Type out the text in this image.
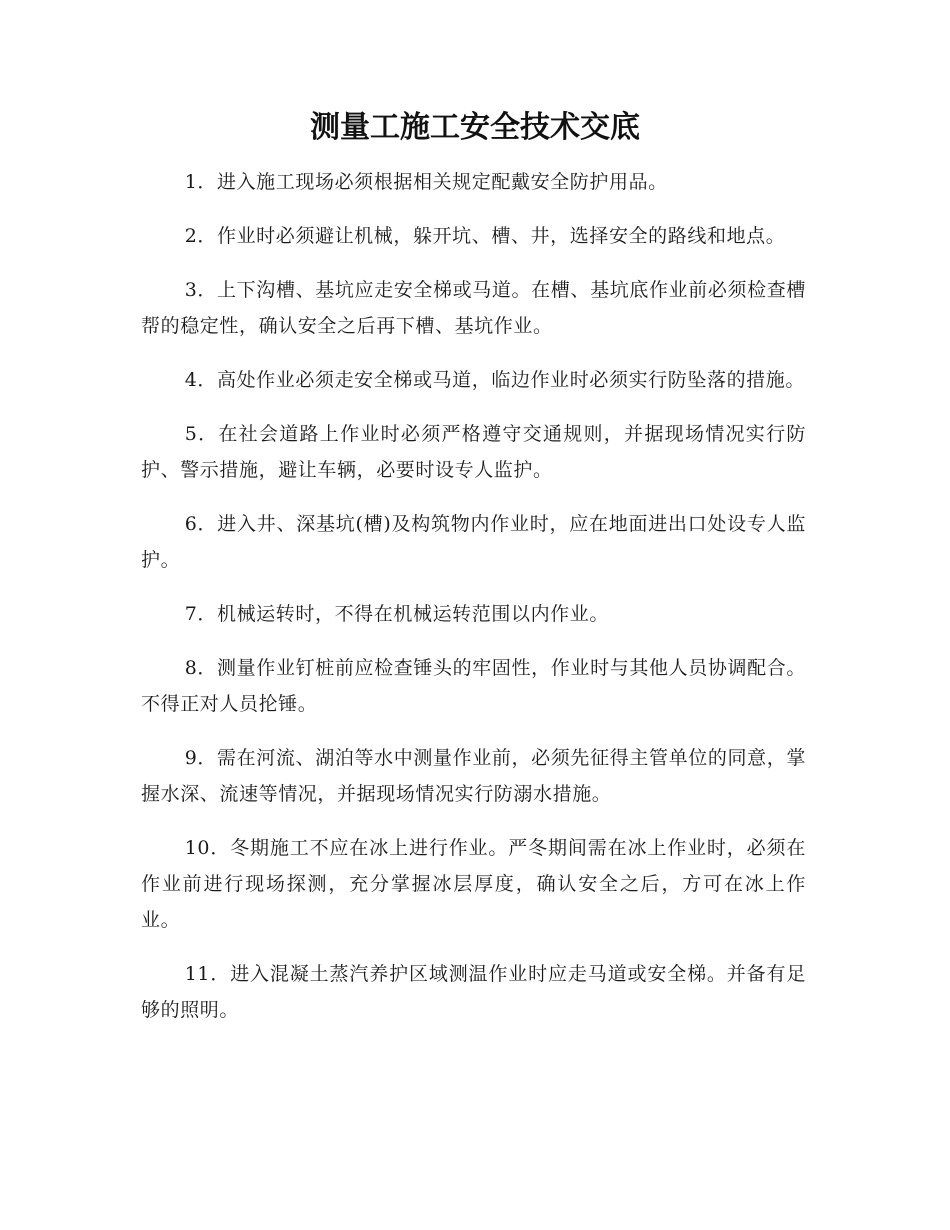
测量工施工安全技术交底

1．进入施工现场必须根据相关规定配戴安全防护用品。

2．作业时必须避让机械，躲开坑、槽、井，选择安全的路线和地点。

3．上下沟槽、基坑应走安全梯或马道。在槽、基坑底作业前必须检查槽帮的稳定性，确认安全之后再下槽、基坑作业。

4．高处作业必须走安全梯或马道，临边作业时必须实行防坠落的措施。

5．在社会道路上作业时必须严格遵守交通规则，并据现场情况实行防护、警示措施，避让车辆，必要时设专人监护。

6．进入井、深基坑(槽)及构筑物内作业时，应在地面进出口处设专人监护。

7．机械运转时，不得在机械运转范围以内作业。

8．测量作业钉桩前应检查锤头的牢固性，作业时与其他人员协调配合。不得正对人员抡锤。

9．需在河流、湖泊等水中测量作业前，必须先征得主管单位的同意，掌握水深、流速等情况，并据现场情况实行防溺水措施。

10．冬期施工不应在冰上进行作业。严冬期间需在冰上作业时，必须在作业前进行现场探测，充分掌握冰层厚度，确认安全之后，方可在冰上作业。

11．进入混凝土蒸汽养护区域测温作业时应走马道或安全梯。并备有足够的照明。
